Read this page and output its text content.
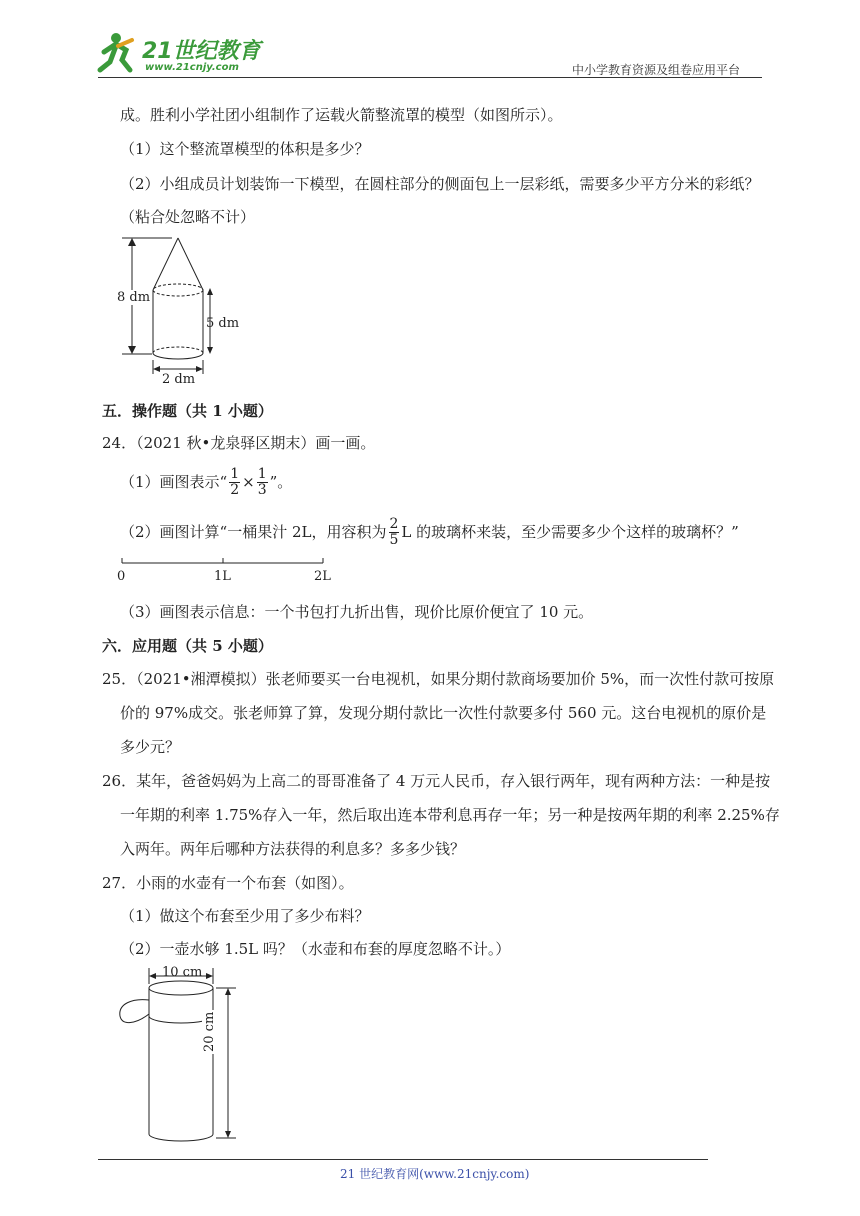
21世纪教育
www.21cnjy.com	中小学教育资源及组卷应用平台
成。胜利小学社团小组制作了运载火箭整流罩的模型（如图所示）。
（1）这个整流罩模型的体积是多少？
（2）小组成员计划装饰一下模型，在圆柱部分的侧面包上一层彩纸，需要多少平方分米的彩纸？
（粘合处忽略不计）
8 dm
5 dm
2 dm
五．操作题（共 1 小题）
24．（2021 秋•龙泉驿区期末）画一画。
（1）画图表示“ $\frac{1}{2} \times \frac{1}{3}$ ”。
（2）画图计算“一桶果汁 2L，用容积为 $\frac{2}{5}$ L 的玻璃杯来装，至少需要多少个这样的玻璃杯？”
0	1L	2L
（3）画图表示信息：一个书包打九折出售，现价比原价便宜了 10 元。
六．应用题（共 5 小题）
25．（2021•湘潭模拟）张老师要买一台电视机，如果分期付款商场要加价 5%，而一次性付款可按原
价的 97%成交。张老师算了算，发现分期付款比一次性付款要多付 560 元。这台电视机的原价是
多少元？
26．某年，爸爸妈妈为上高二的哥哥准备了 4 万元人民币，存入银行两年，现有两种方法：一种是按
一年期的利率 1.75%存入一年，然后取出连本带利息再存一年；另一种是按两年期的利率 2.25%存
入两年。两年后哪种方法获得的利息多？多多少钱？
27．小雨的水壶有一个布套（如图）。
（1）做这个布套至少用了多少布料？
（2）一壶水够 1.5L 吗？（水壶和布套的厚度忽略不计。）
10 cm
20 cm
21 世纪教育网(www.21cnjy.com)
